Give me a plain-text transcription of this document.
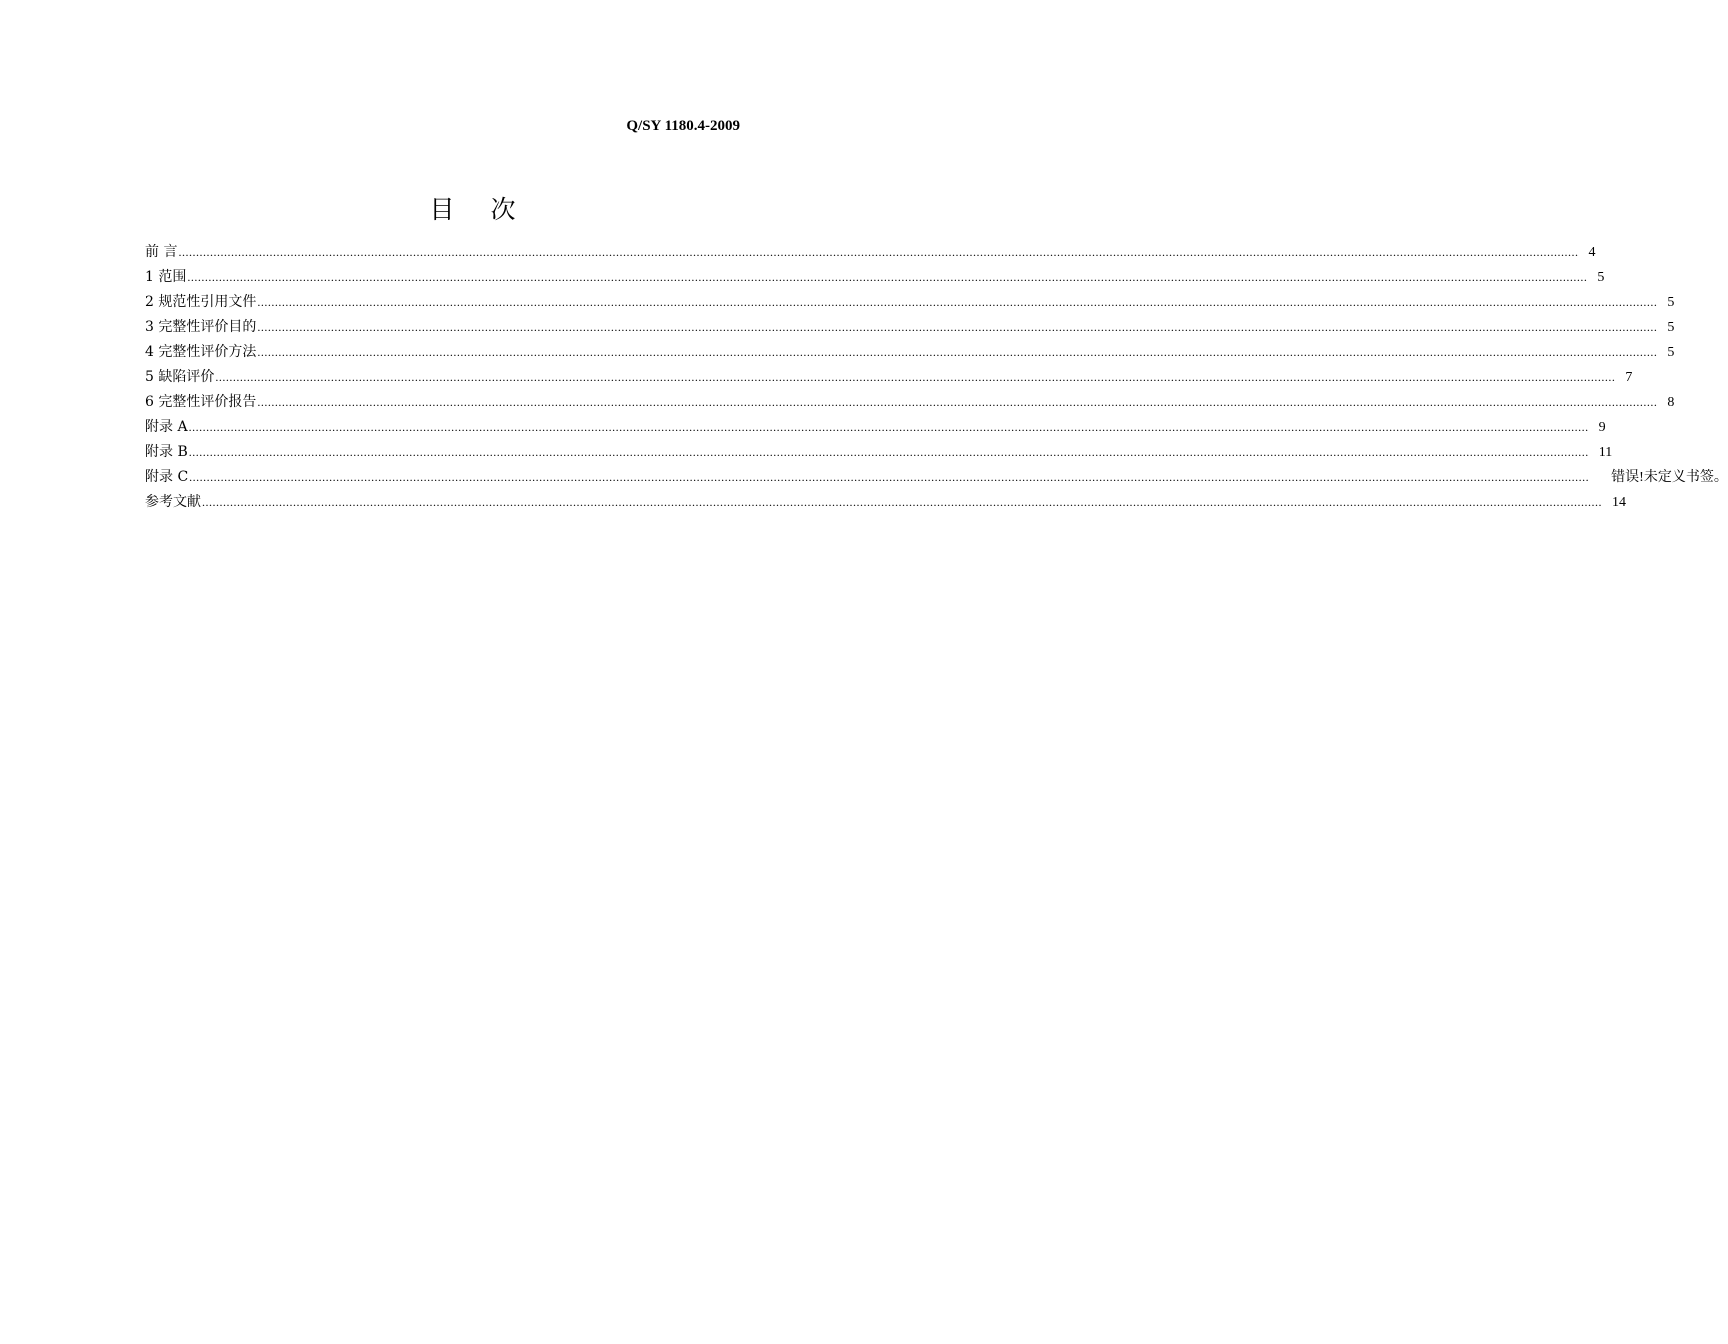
Q/SY 1180.4-2009
目 次
前 言 ................................................................................................................................................................................................................................................................................................................................................................................................................ 4
1 范围 ................................................................................................................................................................................................................................................................................................................................................................................................................ 5
2 规范性引用文件 ................................................................................................................................................................................................................................................................................................................................................................................................................ 5
3 完整性评价目的 ................................................................................................................................................................................................................................................................................................................................................................................................................ 5
4 完整性评价方法 ................................................................................................................................................................................................................................................................................................................................................................................................................ 5
5 缺陷评价 ................................................................................................................................................................................................................................................................................................................................................................................................................ 7
6 完整性评价报告 ................................................................................................................................................................................................................................................................................................................................................................................................................ 8
附录 A ................................................................................................................................................................................................................................................................................................................................................................................................................ 9
附录 B ................................................................................................................................................................................................................................................................................................................................................................................................................ 11
附录 C ................................................................................................................................................................................................................................................................................................................................................................................................................	错误!未定义书签。
参考文献 ................................................................................................................................................................................................................................................................................................................................................................................................................ 14
